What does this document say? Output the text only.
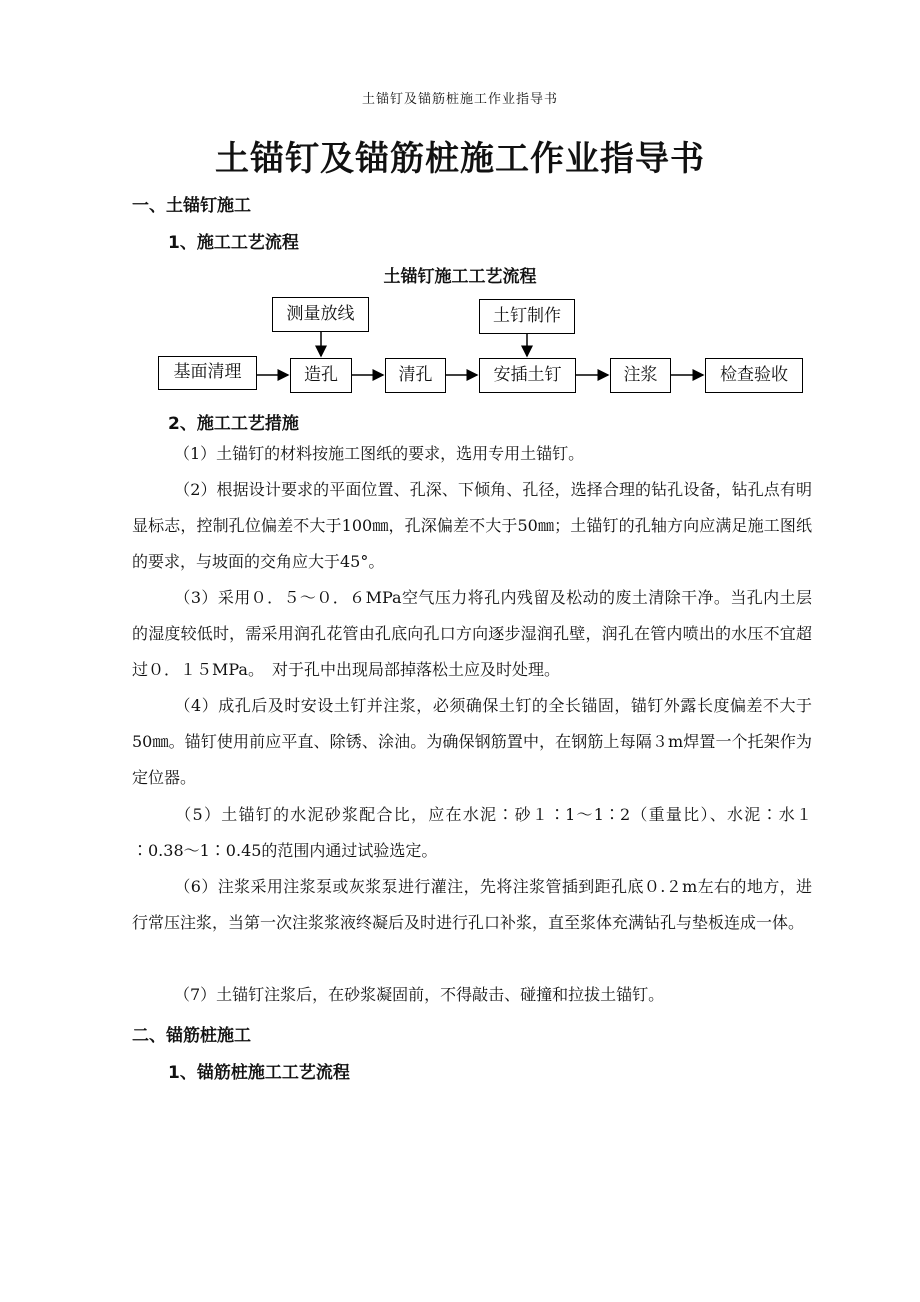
土锚钉及锚筋桩施工作业指导书
土锚钉及锚筋桩施工作业指导书
一、土锚钉施工
1、施工工艺流程
土锚钉施工工艺流程
测量放线	土钉制作
基面清理	造孔	清孔	安插土钉	注浆	检查验收
2、施工工艺措施
（1）土锚钉的材料按施工图纸的要求，选用专用土锚钉。
（2）根据设计要求的平面位置、孔深、下倾角、孔径，选择合理的钻孔设备，钻孔点有明显标志，控制孔位偏差不大于100㎜，孔深偏差不大于50㎜；土锚钉的孔轴方向应满足施工图纸的要求，与坡面的交角应大于45°。
（3）采用０．５～０．６MPa空气压力将孔内残留及松动的废土清除干净。当孔内土层的湿度较低时，需采用润孔花管由孔底向孔口方向逐步湿润孔壁，润孔在管内喷出的水压不宜超过０．１５MPa。　对于孔中出现局部掉落松土应及时处理。
（4）成孔后及时安设土钉并注浆，必须确保土钉的全长锚固，锚钉外露长度偏差不大于50㎜。锚钉使用前应平直、除锈、涂油。为确保钢筋置中，在钢筋上每隔３m焊置一个托架作为定位器。
（5）土锚钉的水泥砂浆配合比，应在水泥∶砂１∶1～1∶2（重量比）、水泥∶水１∶0.38～1∶0.45的范围内通过试验选定。
（6）注浆采用注浆泵或灰浆泵进行灌注，先将注浆管插到距孔底０.２m左右的地方，进行常压注浆，当第一次注浆浆液终凝后及时进行孔口补浆，直至浆体充满钻孔与垫板连成一体。
（7）土锚钉注浆后，在砂浆凝固前，不得敲击、碰撞和拉拔土锚钉。
二、锚筋桩施工
1、锚筋桩施工工艺流程
